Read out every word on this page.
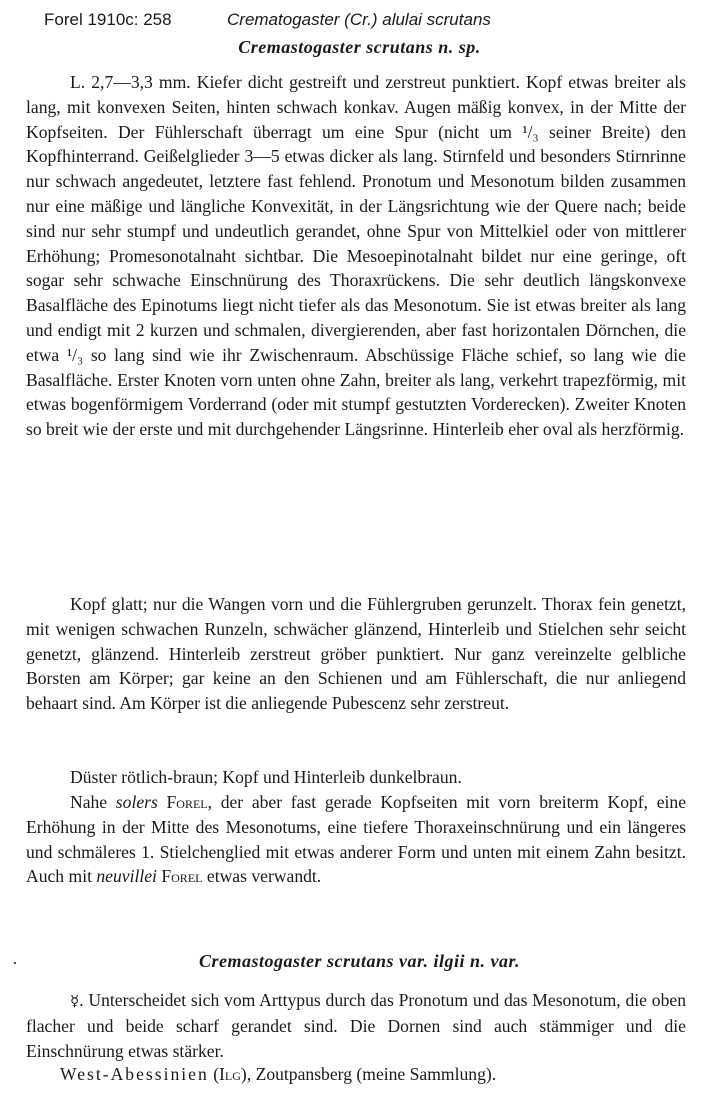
Forel 1910c: 258	Crematogaster (Cr.) alulai scrutans
Cremastogaster scrutans n. sp.
L. 2,7—3,3 mm. Kiefer dicht gestreift und zerstreut punktiert. Kopf etwas breiter als lang, mit konvexen Seiten, hinten schwach konkav. Augen mäßig konvex, in der Mitte der Kopfseiten. Der Fühlerschaft überragt um eine Spur (nicht um ¹/₃ seiner Breite) den Kopfhinterrand. Geißelglieder 3—5 etwas dicker als lang. Stirnfeld und besonders Stirnrinne nur schwach angedeutet, letztere fast fehlend. Pronotum und Mesonotum bilden zusammen nur eine mäßige und längliche Konvexität, in der Längsrichtung wie der Quere nach; beide sind nur sehr stumpf und undeutlich gerandet, ohne Spur von Mittelkiel oder von mittlerer Erhöhung; Promesonotalnaht sichtbar. Die Mesoepinotalnaht bildet nur eine geringe, oft sogar sehr schwache Einschnürung des Thoraxrückens. Die sehr deutlich längskonvexe Basalfläche des Epinotums liegt nicht tiefer als das Mesonotum. Sie ist etwas breiter als lang und endigt mit 2 kurzen und schmalen, divergierenden, aber fast horizontalen Dörnchen, die etwa ¹/₃ so lang sind wie ihr Zwischenraum. Abschüssige Fläche schief, so lang wie die Basalfläche. Erster Knoten vorn unten ohne Zahn, breiter als lang, verkehrt trapezförmig, mit etwas bogenförmigem Vorderrand (oder mit stumpf gestutzten Vorderecken). Zweiter Knoten so breit wie der erste und mit durchgehender Längsrinne. Hinterleib eher oval als herzförmig.
Kopf glatt; nur die Wangen vorn und die Fühlergruben gerunzelt. Thorax fein genetzt, mit wenigen schwachen Runzeln, schwächer glänzend, Hinterleib und Stielchen sehr seicht genetzt, glänzend. Hinterleib zerstreut gröber punktiert. Nur ganz vereinzelte gelbliche Borsten am Körper; gar keine an den Schienen und am Fühlerschaft, die nur anliegend behaart sind. Am Körper ist die anliegende Pubescenz sehr zerstreut.
Düster rötlich-braun; Kopf und Hinterleib dunkelbraun.
Nahe solers Forel, der aber fast gerade Kopfseiten mit vorn breiterm Kopf, eine Erhöhung in der Mitte des Mesonotums, eine tiefere Thoraxeinschnürung und ein längeres und schmäleres 1. Stielchenglied mit etwas anderer Form und unten mit einem Zahn besitzt. Auch mit neuvillei Forel etwas verwandt.
Cremastogaster scrutans var. ilgii n. var.
☿. Unterscheidet sich vom Arttypus durch das Pronotum und das Mesonotum, die oben flacher und beide scharf gerandet sind. Die Dornen sind auch stämmiger und die Einschnürung etwas stärker.
West-Abessinien (Ilg), Zoutpansberg (meine Sammlung).
